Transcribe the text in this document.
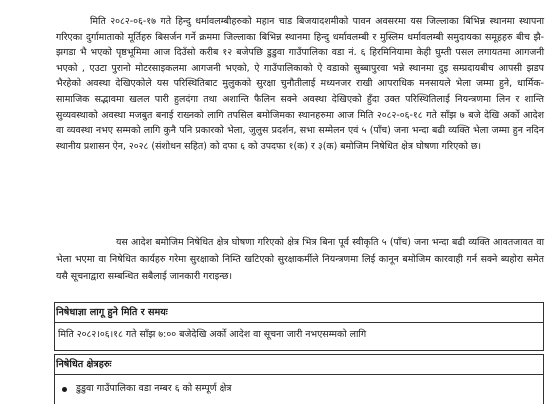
मिति २०८२-०६-१७ गते हिन्दु धर्मावलम्बीहरुको महान चाड बिजयादशमीको पावन अवसरमा यस जिल्लाका बिभिन्न स्थानमा स्थापना गरिएका दुर्गामाताको मूर्तिहरु बिसर्जन गर्ने क्रममा जिल्लाका बिभिन्न स्थानमा हिन्दु धर्मावलम्बी र मुस्लिम धर्मावलम्बी समुदायका समूहहरु बीच झै-झगडा भै भएको पृष्ठभूमिमा आज दिउँसो करीब १२ बजेपछि डुडुवा गाउँपालिका वडा नं. ६ हिरमिनियामा केही घुम्ती पसल लगायतमा आगजनी भएको , एउटा पुरानो मोटरसाइकलमा आगजनी भएको, ऐ गाउँपालिकाको ऐ वडाको सुब्बापुरवा भन्ने स्थानमा दुइ सम्प्रदायबीच आपसी झडप भैरहेको अवस्था देखिएकोले यस परिस्थितिबाट मुलुकको सुरक्षा चुनौतीलाई मध्यनजर राखी आपराधिक मनसायले भेला जम्मा हुने, धार्मिक-सामाजिक सद्भावमा खलल पारी हुलदंगा तथा अशान्ति फैलिन सक्ने अवस्था देखिएको हुँदा उक्त परिस्थितिलाई नियन्त्रणमा लिन र शान्ति सुव्यवस्थाको अवस्था मजबुत बनाई राख्नको लागि तपसिल बमोजिमका स्थानहरुमा आज मिति २०८२-०६-१८ गते साँझ ७ बजे देखि अर्को आदेश वा व्यवस्था नभए सम्मको लागि कुनै पनि प्रकारको भेला, जुलुस प्रदर्शन, सभा सम्मेलन एवं ५ (पाँच) जना भन्दा बढी व्यक्ति भेला जम्मा हुन नदिन स्थानीय प्रशासन ऐन, २०२८ (संशोधन सहित) को दफा ६ को उपदफा १(क) र ३(क) बमोजिम निषेधित क्षेत्र घोषणा गरिएको छ।

यस आदेश बमोजिम निषेधित क्षेत्र घोषणा गरिएको क्षेत्र भित्र बिना पूर्व स्वीकृति ५ (पाँच) जना भन्दा बढी व्यक्ति आवतजावत वा भेला भएमा वा निषेधित कार्यहरु गरेमा सुरक्षाको निम्ति खटिएको सुरक्षाकर्मीले नियन्त्रणमा लिई कानून बमोजिम कारवाही गर्न सक्ने ब्यहोरा समेत यसै सूचनाद्वारा सम्बन्धित सबैलाई जानकारी गराइन्छ।

निषेधाज्ञा लागू हुने मिति र समयः

मिति २०८२।०६।१८ गते साँझ ७:०० बजेदेखि अर्को आदेश वा सूचना जारी नभएसम्मको लागि

निषेधित क्षेत्रहरुः

डुडुवा गाउँपालिका वडा नम्बर ६ को सम्पूर्ण क्षेत्र
